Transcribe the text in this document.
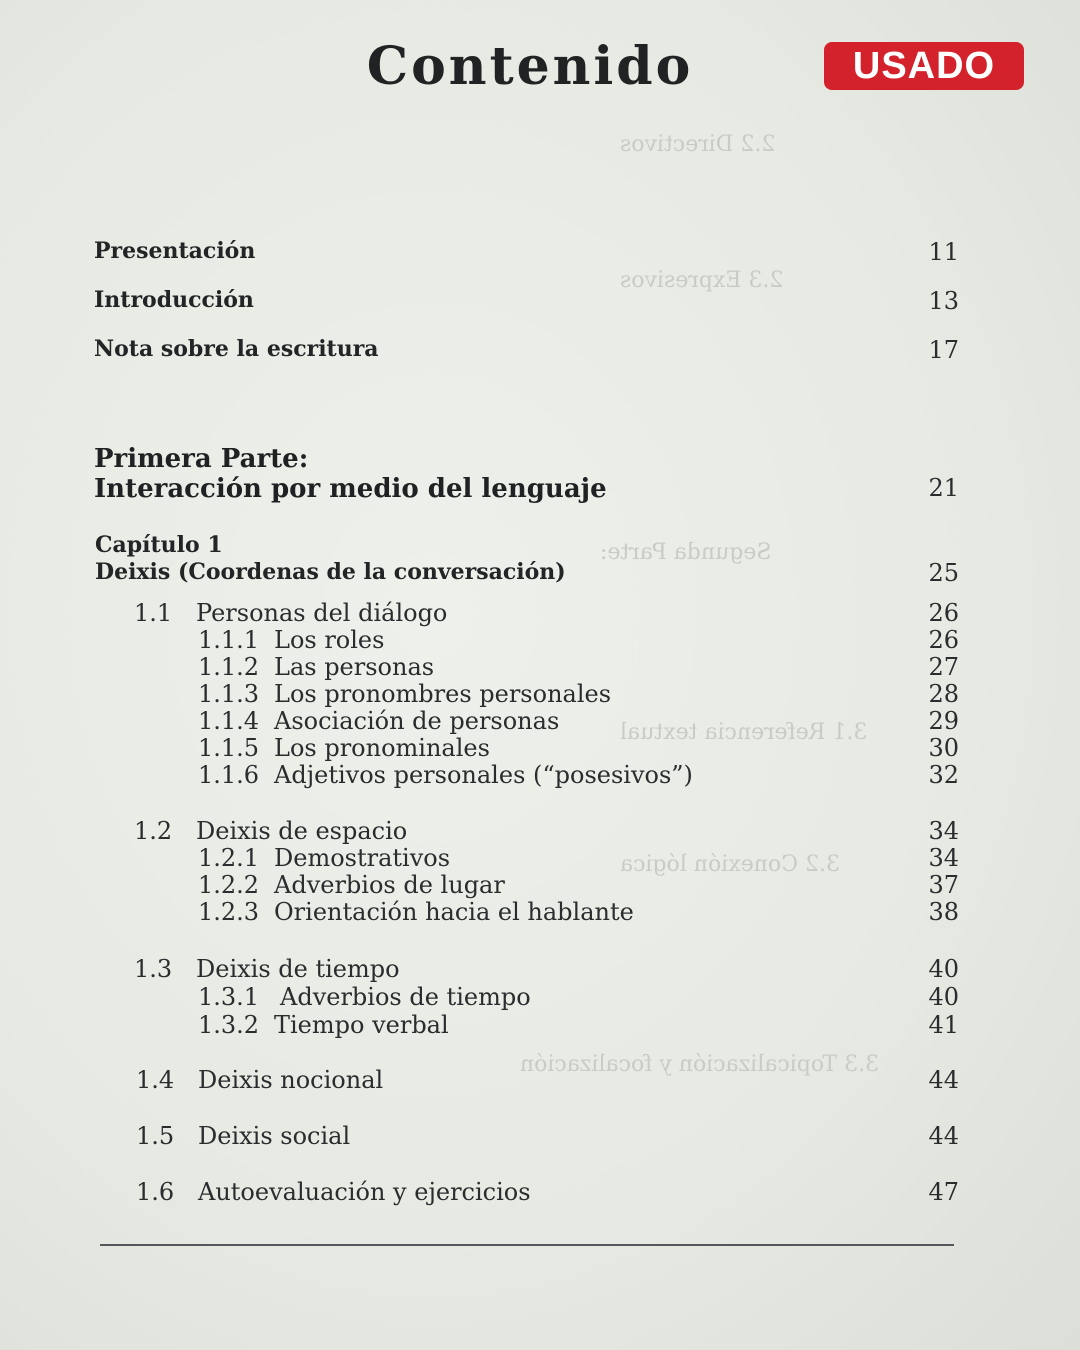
2.2 Directivos
2.3 Expresivos
Segunda Parte:
3.1 Referencia textual
3.2 Conexión lógica
3.3 Topicalización y focalización
Contenido	USADO
Presentación	11
Introducción	13
Nota sobre la escritura	17
Primera Parte:
Interacción por medio del lenguaje	21
Capítulo 1
Deixis (Coordenas de la conversación)	25
1.1 Personas del diálogo	26
1.1.1 Los roles	26
1.1.2 Las personas	27
1.1.3 Los pronombres personales	28
1.1.4 Asociación de personas	29
1.1.5 Los pronominales	30
1.1.6 Adjetivos personales (“posesivos”)	32
1.2 Deixis de espacio	34
1.2.1 Demostrativos	34
1.2.2 Adverbios de lugar	37
1.2.3 Orientación hacia el hablante	38
1.3 Deixis de tiempo	40
1.3.1 Adverbios de tiempo	40
1.3.2 Tiempo verbal	41
1.4 Deixis nocional	44
1.5 Deixis social	44
1.6 Autoevaluación y ejercicios	47
